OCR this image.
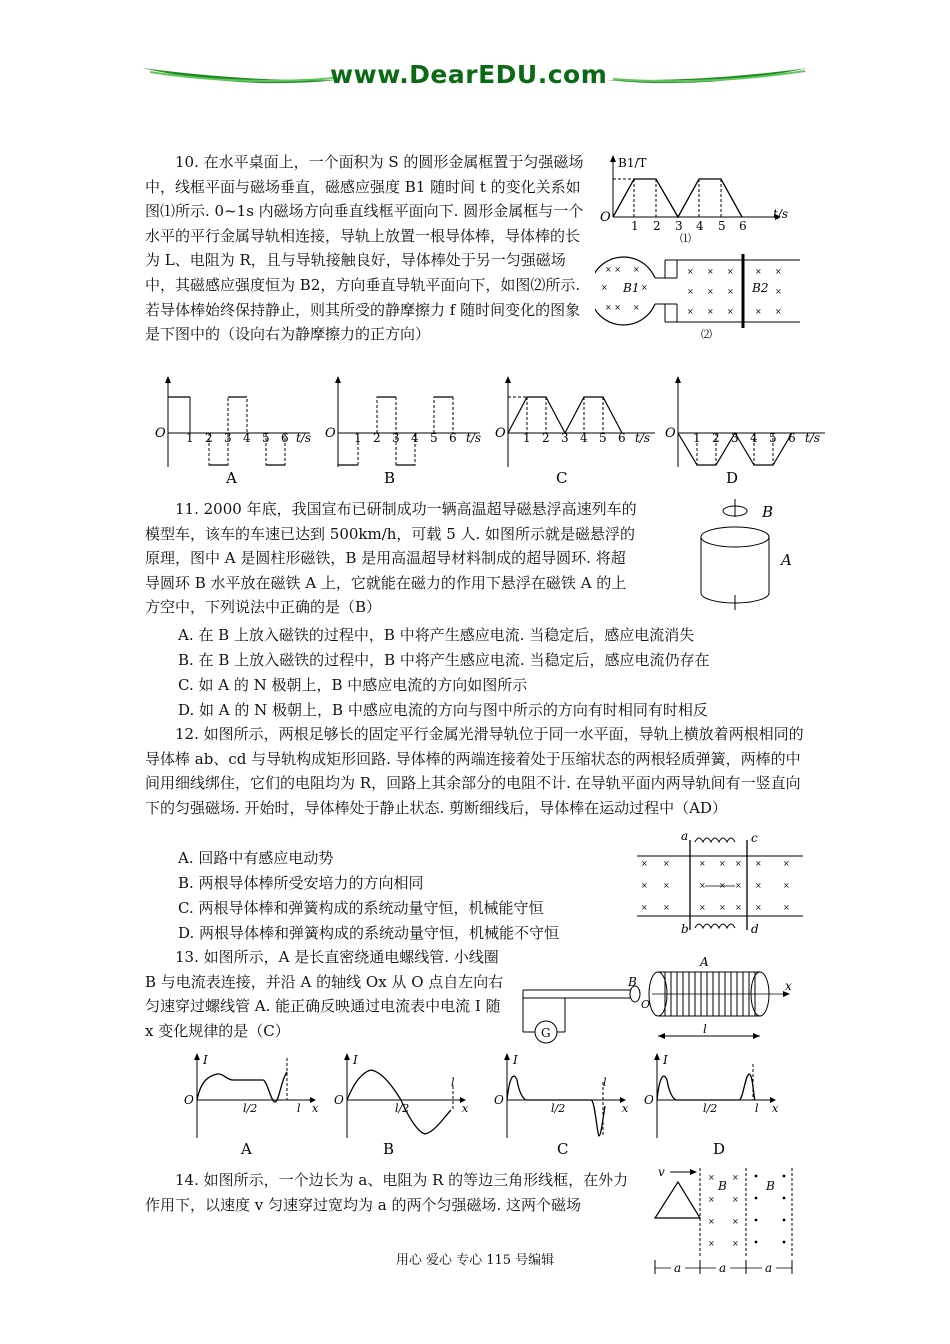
www.DearEDU.com
10. 在水平桌面上，一个面积为 S 的圆形金属框置于匀强磁场中，线框平面与磁场垂直，磁感应强度 B1 随时间 t 的变化关系如图⑴所示. 0~1s 内磁场方向垂直线框平面向下. 圆形金属框与一个水平的平行金属导轨相连接，导轨上放置一根导体棒，导体棒的长为 L、电阻为 R，且与导轨接触良好，导体棒处于另一匀强磁场中，其磁感应强度恒为 B2，方向垂直导轨平面向下，如图⑵所示. 若导体棒始终保持静止，则其所受的静摩擦力 f 随时间变化的图象是下图中的（设向右为静摩擦力的正方向）
B1/T
t/s
O
1 2 3 4 5 6
⑴
× × ×
×	×
× × ×
× × ×	× ×
× × ×	×
× × ×	× ×
B1	B2
⑵
O 1 2 3 4 5 6 t/s
A
O 1 2 3 4 5 6 t/s
B
O 1 2 3 4 5 6 t/s
C
O 1 2 3 4 5 6 t/s
D
11. 2000 年底，我国宣布已研制成功一辆高温超导磁悬浮高速列车的模型车，该车的车速已达到 500km/h，可载 5 人. 如图所示就是磁悬浮的原理，图中 A 是圆柱形磁铁，B 是用高温超导材料制成的超导圆环. 将超导圆环 B 水平放在磁铁 A 上，它就能在磁力的作用下悬浮在磁铁 A 的上方空中，下列说法中正确的是（B）
B
A
A. 在 B 上放入磁铁的过程中，B 中将产生感应电流. 当稳定后，感应电流消失
B. 在 B 上放入磁铁的过程中，B 中将产生感应电流. 当稳定后，感应电流仍存在
C. 如 A 的 N 极朝上，B 中感应电流的方向如图所示
D. 如 A 的 N 极朝上，B 中感应电流的方向与图中所示的方向有时相同有时相反
12. 如图所示，两根足够长的固定平行金属光滑导轨位于同一水平面，导轨上横放着两根相同的导体棒 ab、cd 与导轨构成矩形回路. 导体棒的两端连接着处于压缩状态的两根轻质弹簧，两棒的中间用细线绑住，它们的电阻均为 R，回路上其余部分的电阻不计. 在导轨平面内两导轨间有一竖直向下的匀强磁场. 开始时，导体棒处于静止状态. 剪断细线后，导体棒在运动过程中（AD）
× ×	× × × ×	×
× ×	× × × ×	×
× ×	× × × ×	×
a	c
b	d
A. 回路中有感应电动势
B. 两根导体棒所受安培力的方向相同
C. 两根导体棒和弹簧构成的系统动量守恒，机械能守恒
D. 两根导体棒和弹簧构成的系统动量守恒，机械能不守恒
13. 如图所示，A 是长直密绕通电螺线管. 小线圈 B 与电流表连接，并沿 A 的轴线 Ox 从 O 点自左向右匀速穿过螺线管 A. 能正确反映通过电流表中电流 I 随 x 变化规律的是（C）	G
B
A
O
x
l
I
O
l/2	l x
A
I
O
l/2
l
x
B
I
O
l/2
l
x
C
I
O
l/2	l x
D
14. 如图所示，一个边长为 a、电阻为 R 的等边三角形线框，在外力作用下，以速度 v 匀速穿过宽均为 a 的两个匀强磁场. 这两个磁场
× ×
× ×
× ×
× ×
v
B	B
a	a	a
用心 爱心 专心 115 号编辑
